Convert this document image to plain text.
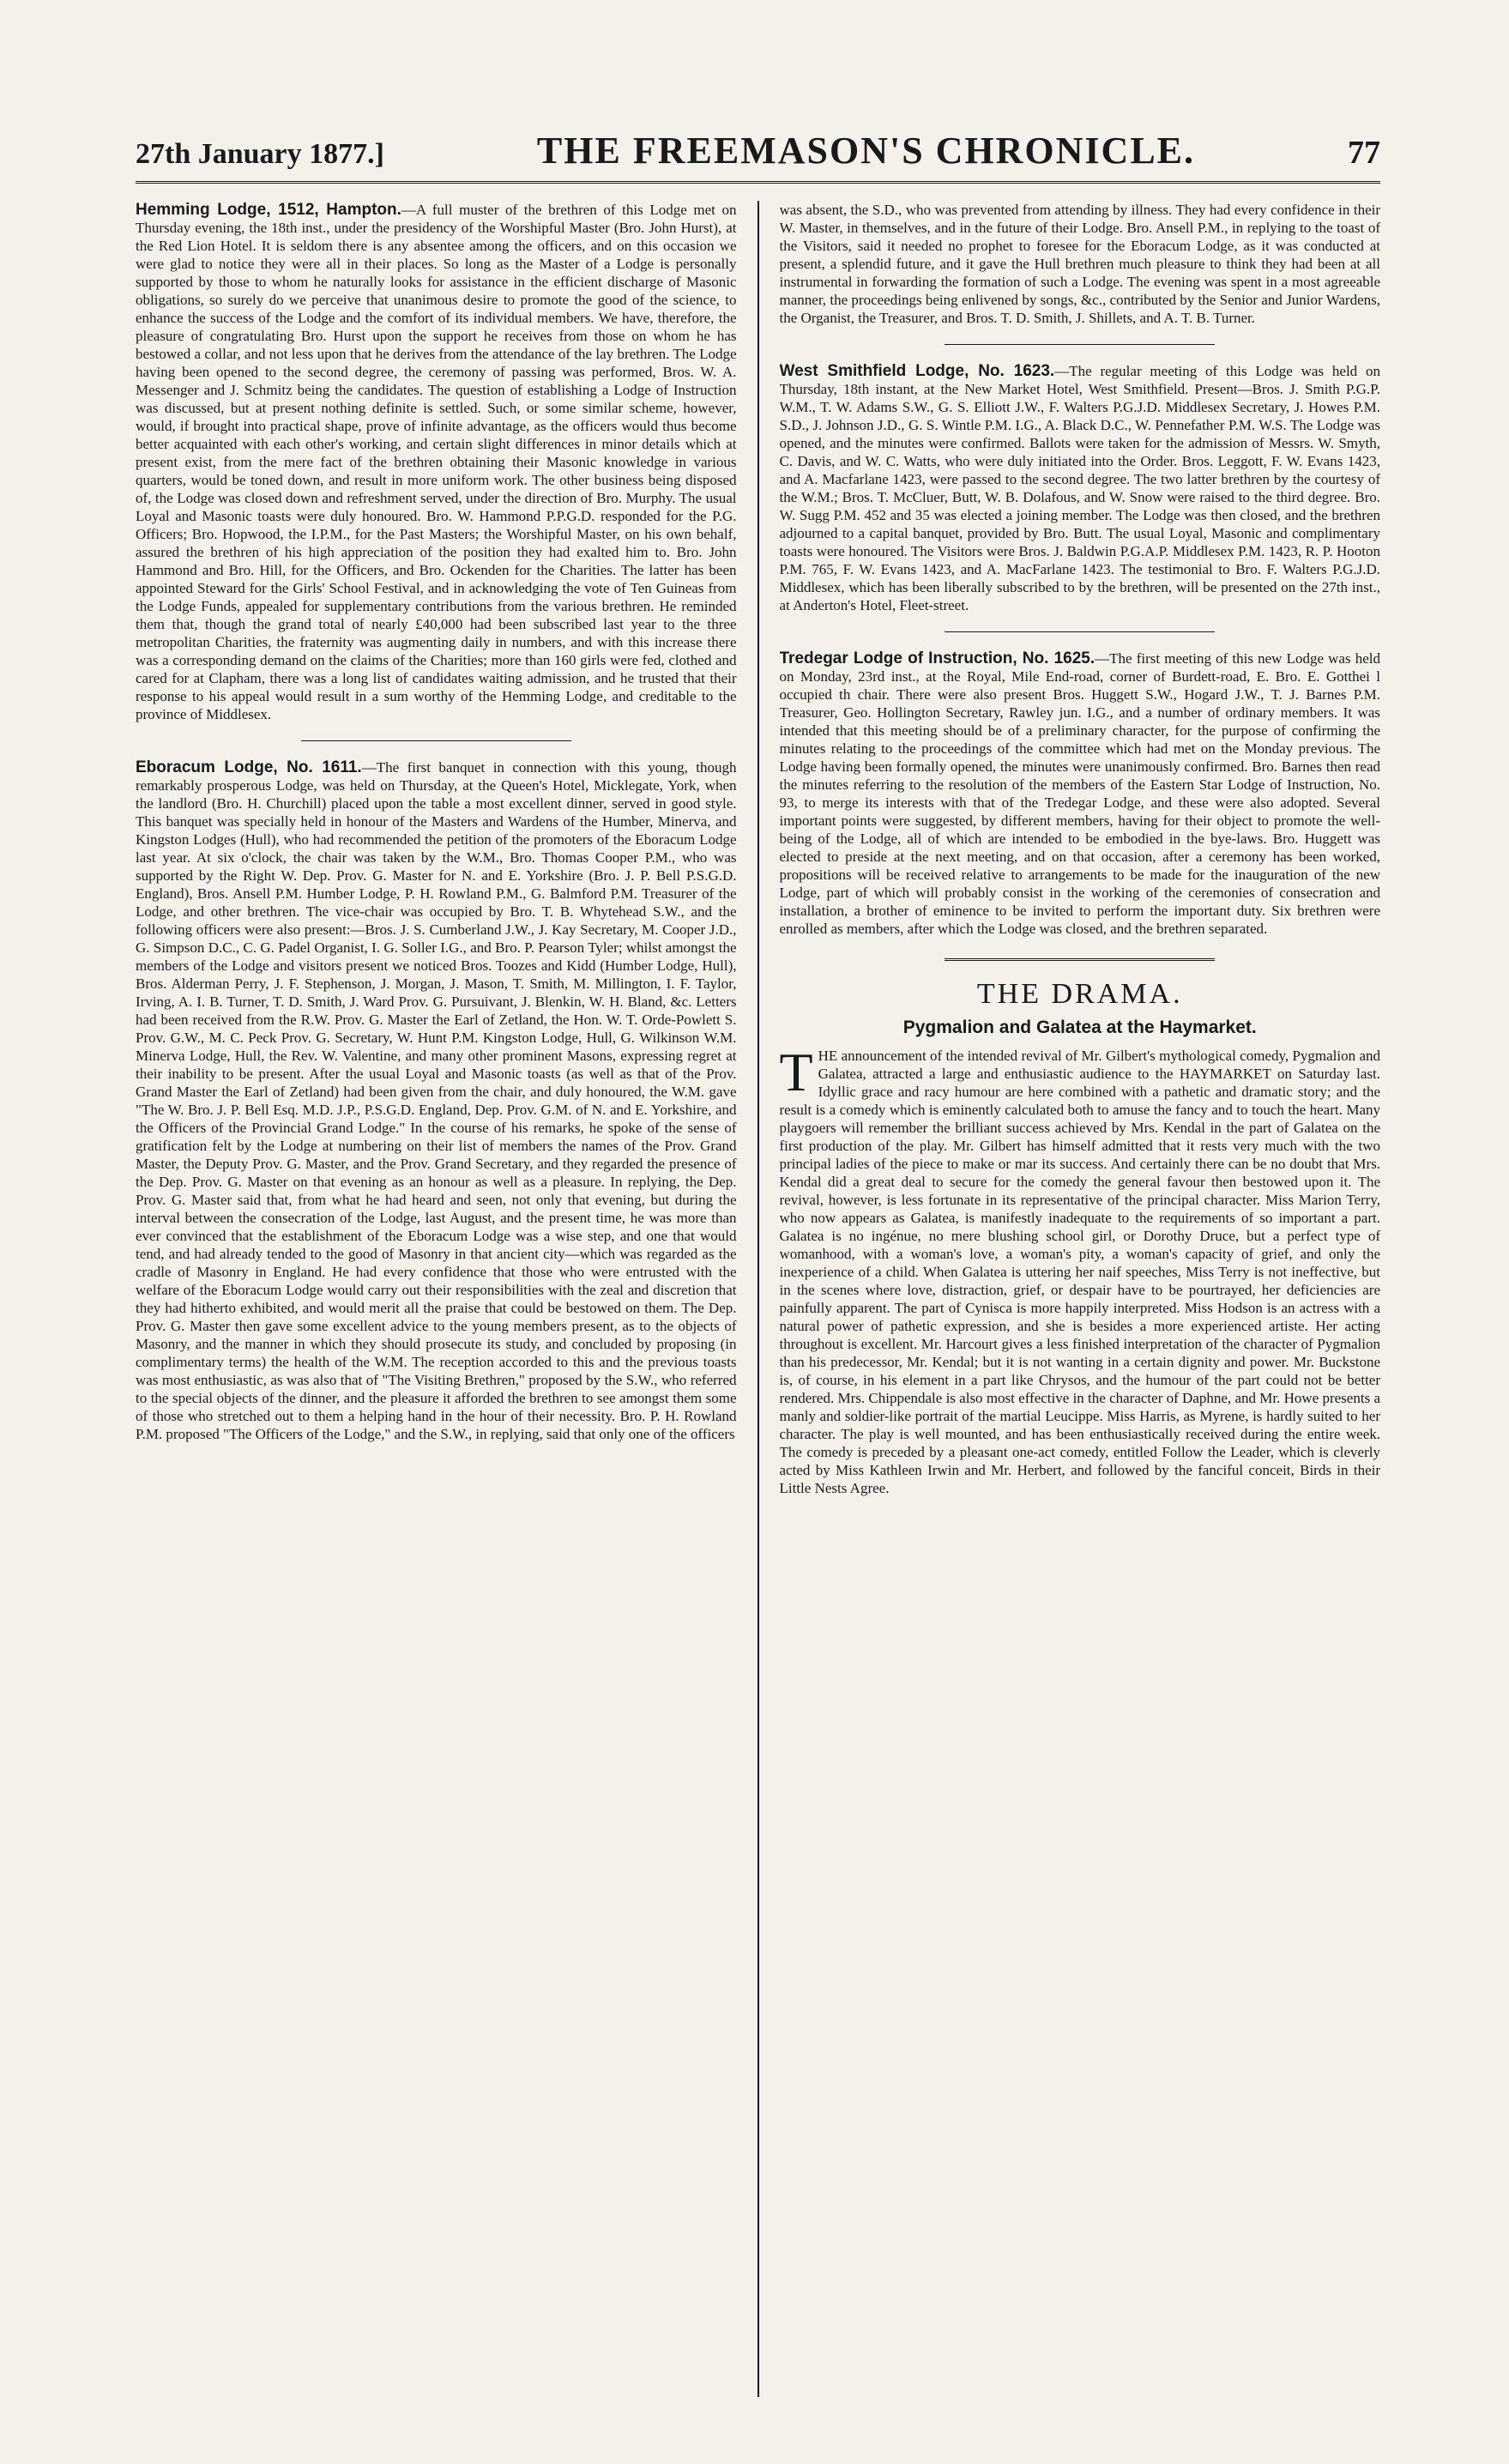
27th January 1877.]	THE FREEMASON'S CHRONICLE.	77

Hemming Lodge, 1512, Hampton.—A full muster of the brethren of this Lodge met on Thursday evening, the 18th inst., under the presidency of the Worshipful Master (Bro. John Hurst), at the Red Lion Hotel. It is seldom there is any absentee among the officers, and on this occasion we were glad to notice they were all in their places. So long as the Master of a Lodge is personally supported by those to whom he naturally looks for assistance in the efficient discharge of Masonic obligations, so surely do we perceive that unanimous desire to promote the good of the science, to enhance the success of the Lodge and the comfort of its individual members. We have, therefore, the pleasure of congratulating Bro. Hurst upon the support he receives from those on whom he has bestowed a collar, and not less upon that he derives from the attendance of the lay brethren. The Lodge having been opened to the second degree, the ceremony of passing was performed, Bros. W. A. Messenger and J. Schmitz being the candidates. The question of establishing a Lodge of Instruction was discussed, but at present nothing definite is settled. Such, or some similar scheme, however, would, if brought into practical shape, prove of infinite advantage, as the officers would thus become better acquainted with each other's working, and certain slight differences in minor details which at present exist, from the mere fact of the brethren obtaining their Masonic knowledge in various quarters, would be toned down, and result in more uniform work. The other business being disposed of, the Lodge was closed down and refreshment served, under the direction of Bro. Murphy. The usual Loyal and Masonic toasts were duly honoured. Bro. W. Hammond P.P.G.D. responded for the P.G. Officers; Bro. Hopwood, the I.P.M., for the Past Masters; the Worshipful Master, on his own behalf, assured the brethren of his high appreciation of the position they had exalted him to. Bro. John Hammond and Bro. Hill, for the Officers, and Bro. Ockenden for the Charities. The latter has been appointed Steward for the Girls' School Festival, and in acknowledging the vote of Ten Guineas from the Lodge Funds, appealed for supplementary contributions from the various brethren. He reminded them that, though the grand total of nearly £40,000 had been subscribed last year to the three metropolitan Charities, the fraternity was augmenting daily in numbers, and with this increase there was a corresponding demand on the claims of the Charities; more than 160 girls were fed, clothed and cared for at Clapham, there was a long list of candidates waiting admission, and he trusted that their response to his appeal would result in a sum worthy of the Hemming Lodge, and creditable to the province of Middlesex.

Eboracum Lodge, No. 1611.—The first banquet in connection with this young, though remarkably prosperous Lodge, was held on Thursday, at the Queen's Hotel, Micklegate, York, when the landlord (Bro. H. Churchill) placed upon the table a most excellent dinner, served in good style. This banquet was specially held in honour of the Masters and Wardens of the Humber, Minerva, and Kingston Lodges (Hull), who had recommended the petition of the promoters of the Eboracum Lodge last year. At six o'clock, the chair was taken by the W.M., Bro. Thomas Cooper P.M., who was supported by the Right W. Dep. Prov. G. Master for N. and E. Yorkshire (Bro. J. P. Bell P.S.G.D. England), Bros. Ansell P.M. Humber Lodge, P. H. Rowland P.M., G. Balmford P.M. Treasurer of the Lodge, and other brethren. The vice-chair was occupied by Bro. T. B. Whytehead S.W., and the following officers were also present:—Bros. J. S. Cumberland J.W., J. Kay Secretary, M. Cooper J.D., G. Simpson D.C., C. G. Padel Organist, I. G. Soller I.G., and Bro. P. Pearson Tyler; whilst amongst the members of the Lodge and visitors present we noticed Bros. Toozes and Kidd (Humber Lodge, Hull), Bros. Alderman Perry, J. F. Stephenson, J. Morgan, J. Mason, T. Smith, M. Millington, I. F. Taylor, Irving, A. I. B. Turner, T. D. Smith, J. Ward Prov. G. Pursuivant, J. Blenkin, W. H. Bland, &c. Letters had been received from the R.W. Prov. G. Master the Earl of Zetland, the Hon. W. T. Orde-Powlett S. Prov. G.W., M. C. Peck Prov. G. Secretary, W. Hunt P.M. Kingston Lodge, Hull, G. Wilkinson W.M. Minerva Lodge, Hull, the Rev. W. Valentine, and many other prominent Masons, expressing regret at their inability to be present. After the usual Loyal and Masonic toasts (as well as that of the Prov. Grand Master the Earl of Zetland) had been given from the chair, and duly honoured, the W.M. gave "The W. Bro. J. P. Bell Esq. M.D. J.P., P.S.G.D. England, Dep. Prov. G.M. of N. and E. Yorkshire, and the Officers of the Provincial Grand Lodge." In the course of his remarks, he spoke of the sense of gratification felt by the Lodge at numbering on their list of members the names of the Prov. Grand Master, the Deputy Prov. G. Master, and the Prov. Grand Secretary, and they regarded the presence of the Dep. Prov. G. Master on that evening as an honour as well as a pleasure. In replying, the Dep. Prov. G. Master said that, from what he had heard and seen, not only that evening, but during the interval between the consecration of the Lodge, last August, and the present time, he was more than ever convinced that the establishment of the Eboracum Lodge was a wise step, and one that would tend, and had already tended to the good of Masonry in that ancient city—which was regarded as the cradle of Masonry in England. He had every confidence that those who were entrusted with the welfare of the Eboracum Lodge would carry out their responsibilities with the zeal and discretion that they had hitherto exhibited, and would merit all the praise that could be bestowed on them. The Dep. Prov. G. Master then gave some excellent advice to the young members present, as to the objects of Masonry, and the manner in which they should prosecute its study, and concluded by proposing (in complimentary terms) the health of the W.M. The reception accorded to this and the previous toasts was most enthusiastic, as was also that of "The Visiting Brethren," proposed by the S.W., who referred to the special objects of the dinner, and the pleasure it afforded the brethren to see amongst them some of those who stretched out to them a helping hand in the hour of their necessity. Bro. P. H. Rowland P.M. proposed "The Officers of the Lodge," and the S.W., in replying, said that only one of the officers

was absent, the S.D., who was prevented from attending by illness. They had every confidence in their W. Master, in themselves, and in the future of their Lodge. Bro. Ansell P.M., in replying to the toast of the Visitors, said it needed no prophet to foresee for the Eboracum Lodge, as it was conducted at present, a splendid future, and it gave the Hull brethren much pleasure to think they had been at all instrumental in forwarding the formation of such a Lodge. The evening was spent in a most agreeable manner, the proceedings being enlivened by songs, &c., contributed by the Senior and Junior Wardens, the Organist, the Treasurer, and Bros. T. D. Smith, J. Shillets, and A. T. B. Turner.

West Smithfield Lodge, No. 1623.—The regular meeting of this Lodge was held on Thursday, 18th instant, at the New Market Hotel, West Smithfield. Present—Bros. J. Smith P.G.P. W.M., T. W. Adams S.W., G. S. Elliott J.W., F. Walters P.G.J.D. Middlesex Secretary, J. Howes P.M. S.D., J. Johnson J.D., G. S. Wintle P.M. I.G., A. Black D.C., W. Pennefather P.M. W.S. The Lodge was opened, and the minutes were confirmed. Ballots were taken for the admission of Messrs. W. Smyth, C. Davis, and W. C. Watts, who were duly initiated into the Order. Bros. Leggott, F. W. Evans 1423, and A. Macfarlane 1423, were passed to the second degree. The two latter brethren by the courtesy of the W.M.; Bros. T. McCluer, Butt, W. B. Dolafous, and W. Snow were raised to the third degree. Bro. W. Sugg P.M. 452 and 35 was elected a joining member. The Lodge was then closed, and the brethren adjourned to a capital banquet, provided by Bro. Butt. The usual Loyal, Masonic and complimentary toasts were honoured. The Visitors were Bros. J. Baldwin P.G.A.P. Middlesex P.M. 1423, R. P. Hooton P.M. 765, F. W. Evans 1423, and A. MacFarlane 1423. The testimonial to Bro. F. Walters P.G.J.D. Middlesex, which has been liberally subscribed to by the brethren, will be presented on the 27th inst., at Anderton's Hotel, Fleet-street.

Tredegar Lodge of Instruction, No. 1625.—The first meeting of this new Lodge was held on Monday, 23rd inst., at the Royal, Mile End-road, corner of Burdett-road, E. Bro. E. Gotthei l occupied th chair. There were also present Bros. Huggett S.W., Hogard J.W., T. J. Barnes P.M. Treasurer, Geo. Hollington Secretary, Rawley jun. I.G., and a number of ordinary members. It was intended that this meeting should be of a preliminary character, for the purpose of confirming the minutes relating to the proceedings of the committee which had met on the Monday previous. The Lodge having been formally opened, the minutes were unanimously confirmed. Bro. Barnes then read the minutes referring to the resolution of the members of the Eastern Star Lodge of Instruction, No. 93, to merge its interests with that of the Tredegar Lodge, and these were also adopted. Several important points were suggested, by different members, having for their object to promote the well-being of the Lodge, all of which are intended to be embodied in the bye-laws. Bro. Huggett was elected to preside at the next meeting, and on that occasion, after a ceremony has been worked, propositions will be received relative to arrangements to be made for the inauguration of the new Lodge, part of which will probably consist in the working of the ceremonies of consecration and installation, a brother of eminence to be invited to perform the important duty. Six brethren were enrolled as members, after which the Lodge was closed, and the brethren separated.

THE DRAMA.
Pygmalion and Galatea at the Haymarket.

THE announcement of the intended revival of Mr. Gilbert's mythological comedy, Pygmalion and Galatea, attracted a large and enthusiastic audience to the HAYMARKET on Saturday last. Idyllic grace and racy humour are here combined with a pathetic and dramatic story; and the result is a comedy which is eminently calculated both to amuse the fancy and to touch the heart. Many playgoers will remember the brilliant success achieved by Mrs. Kendal in the part of Galatea on the first production of the play. Mr. Gilbert has himself admitted that it rests very much with the two principal ladies of the piece to make or mar its success. And certainly there can be no doubt that Mrs. Kendal did a great deal to secure for the comedy the general favour then bestowed upon it. The revival, however, is less fortunate in its representative of the principal character. Miss Marion Terry, who now appears as Galatea, is manifestly inadequate to the requirements of so important a part. Galatea is no ingénue, no mere blushing school girl, or Dorothy Druce, but a perfect type of womanhood, with a woman's love, a woman's pity, a woman's capacity of grief, and only the inexperience of a child. When Galatea is uttering her naif speeches, Miss Terry is not ineffective, but in the scenes where love, distraction, grief, or despair have to be pourtrayed, her deficiencies are painfully apparent. The part of Cynisca is more happily interpreted. Miss Hodson is an actress with a natural power of pathetic expression, and she is besides a more experienced artiste. Her acting throughout is excellent. Mr. Harcourt gives a less finished interpretation of the character of Pygmalion than his predecessor, Mr. Kendal; but it is not wanting in a certain dignity and power. Mr. Buckstone is, of course, in his element in a part like Chrysos, and the humour of the part could not be better rendered. Mrs. Chippendale is also most effective in the character of Daphne, and Mr. Howe presents a manly and soldier-like portrait of the martial Leucippe. Miss Harris, as Myrene, is hardly suited to her character. The play is well mounted, and has been enthusiastically received during the entire week. The comedy is preceded by a pleasant one-act comedy, entitled Follow the Leader, which is cleverly acted by Miss Kathleen Irwin and Mr. Herbert, and followed by the fanciful conceit, Birds in their Little Nests Agree.
